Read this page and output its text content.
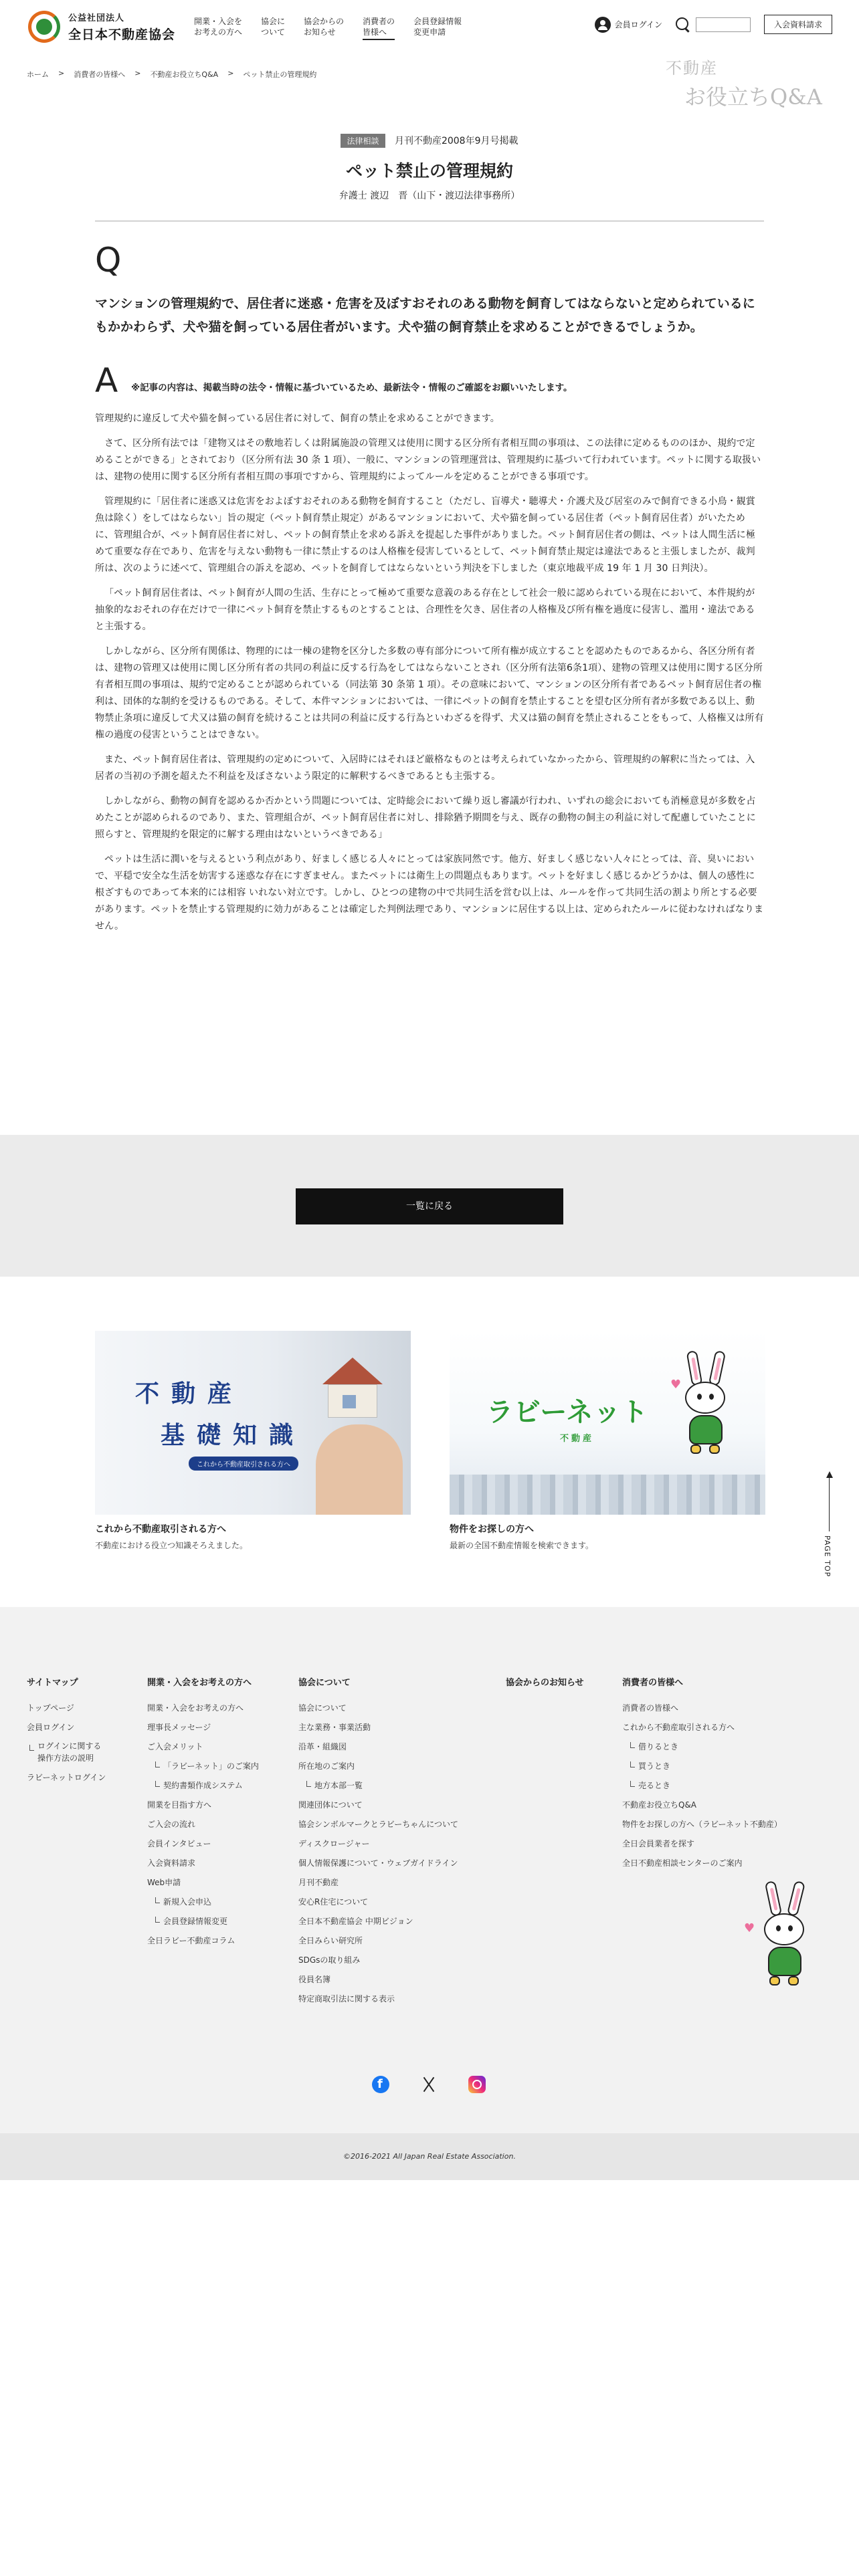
公益社団法人
全日本不動産協会
開業・入会を
お考えの方へ
協会に
ついて
協会からの
お知らせ
消費者の
皆様へ
会員登録情報
変更申請
会員ログイン	入会資料請求
ホーム > 消費者の皆様へ > 不動産お役立ちQ&A > ペット禁止の管理規約	不動産
お役立ちQ&A
法律相談 月刊不動産2008年9月号掲載
ペット禁止の管理規約
弁護士 渡辺　晋（山下・渡辺法律事務所）
Q
マンションの管理規約で、居住者に迷惑・危害を及ぼすおそれのある動物を飼育してはならないと定められているにもかかわらず、犬や猫を飼っている居住者がいます。犬や猫の飼育禁止を求めることができるでしょうか。
A ※記事の内容は、掲載当時の法令・情報に基づいているため、最新法令・情報のご確認をお願いいたします。

管理規約に違反して犬や猫を飼っている居住者に対して、飼育の禁止を求めることができます。

さて、区分所有法では「建物又はその敷地若しくは附属施設の管理又は使用に関する区分所有者相互間の事項は、この法律に定めるもののほか、規約で定めることができる」とされており（区分所有法 30 条 1 項）、一般に、マンションの管理運営は、管理規約に基づいて行われています。ペットに関する取扱いは、建物の使用に関する区分所有者相互間の事項ですから、管理規約によってルールを定めることができる事項です。

管理規約に「居住者に迷惑又は危害をおよぼすおそれのある動物を飼育すること（ただし、盲導犬・聴導犬・介護犬及び居室のみで飼育できる小鳥・観賞魚は除く）をしてはならない」旨の規定（ペット飼育禁止規定）があるマンションにおいて、犬や猫を飼っている居住者（ペット飼育居住者）がいたために、管理組合が、ペット飼育居住者に対し、ペットの飼育禁止を求める訴えを提起した事件がありました。ペット飼育居住者の側は、ペットは人間生活に極めて重要な存在であり、危害を与えない動物も一律に禁止するのは人格権を侵害しているとして、ペット飼育禁止規定は違法であると主張しましたが、裁判所は、次のように述べて、管理組合の訴えを認め、ペットを飼育してはならないという判決を下しました（東京地裁平成 19 年 1 月 30 日判決）。

「ペット飼育居住者は、ペット飼育が人間の生活、生存にとって極めて重要な意義のある存在として社会一般に認められている現在において、本件規約が抽象的なおそれの存在だけで一律にペット飼育を禁止するものとすることは、合理性を欠き、居住者の人格権及び所有権を過度に侵害し、濫用・違法であると主張する。

しかしながら、区分所有関係は、物理的には一棟の建物を区分した多数の専有部分について所有権が成立することを認めたものであるから、各区分所有者は、建物の管理又は使用に関し区分所有者の共同の利益に反する行為をしてはならないことされ（区分所有法第6条1項）、建物の管理又は使用に関する区分所有者相互間の事項は、規約で定めることが認められている（同法第 30 条第 1 項）。その意味において、マンションの区分所有者であるペット飼育居住者の権利は、団体的な制約を受けるものである。そして、本件マンションにおいては、一律にペットの飼育を禁止することを望む区分所有者が多数である以上、動物禁止条項に違反して犬又は猫の飼育を続けることは共同の利益に反する行為といわざるを得ず、犬又は猫の飼育を禁止されることをもって、人格権又は所有権の過度の侵害ということはできない。

また、ペット飼育居住者は、管理規約の定めについて、入居時にはそれほど厳格なものとは考えられていなかったから、管理規約の解釈に当たっては、入居者の当初の予測を超えた不利益を及ぼさないよう限定的に解釈するべきであるとも主張する。

しかしながら、動物の飼育を認めるか否かという問題については、定時総会において繰り返し審議が行われ、いずれの総会においても消極意見が多数を占めたことが認められるのであり、また、管理組合が、ペット飼育居住者に対し、排除猶予期間を与え、既存の動物の飼主の利益に対して配慮していたことに照らすと、管理規約を限定的に解する理由はないというべきである」

ペットは生活に潤いを与えるという利点があり、好ましく感じる人々にとっては家族同然です。他方、好ましく感じない人々にとっては、音、臭いにおいで、平穏で安全な生活を妨害する迷惑な存在にすぎません。またペットには衛生上の問題点もあります。ペットを好ましく感じるかどうかは、個人の感性に根ざすものであって本来的には相容 いれない対立です。しかし、ひとつの建物の中で共同生活を営む以上は、ルールを作って共同生活の割より所とする必要があります。ペットを禁止する管理規約に効力があることは確定した判例法理であり、マンションに居住する以上は、定められたルールに従わなければなりません。

一覧に戻る
不動産
基礎知識
これから不動産取引される方へ
ラビーネット
不動産
♥
これから不動産取引される方へ
不動産における役立つ知識そろえました。
物件をお探しの方へ
最新の全国不動産情報を検索できます。	PAGE TOP
サイトマップ
トップページ
会員ログイン
ログインに関する
操作方法の説明
ラビーネットログイン
開業・入会をお考えの方へ
開業・入会をお考えの方へ
理事長メッセージ
ご入会メリット
「ラビーネット」のご案内
契約書類作成システム
開業を目指す方へ
ご入会の流れ
会員インタビュー
入会資料請求
Web申請
新規入会申込
会員登録情報変更
全日ラビー不動産コラム
協会について
協会について
主な業務・事業活動
沿革・組織図
所在地のご案内
地方本部一覧
関連団体について
協会シンボルマークとラビーちゃんについて
ディスクロージャー
個人情報保護について・ウェブガイドライン
月刊不動産
安心R住宅について
全日本不動産協会 中期ビジョン
全日みらい研究所
SDGsの取り組み
役員名簿
特定商取引法に関する表示
協会からのお知らせ	消費者の皆様へ
消費者の皆様へ
これから不動産取引される方へ
借りるとき
買うとき
売るとき
不動産お役立ちQ&A
物件をお探しの方へ（ラビーネット不動産）
全日会員業者を探す
全日不動産相談センターのご案内
♥
f
©2016-2021 All Japan Real Estate Association.
